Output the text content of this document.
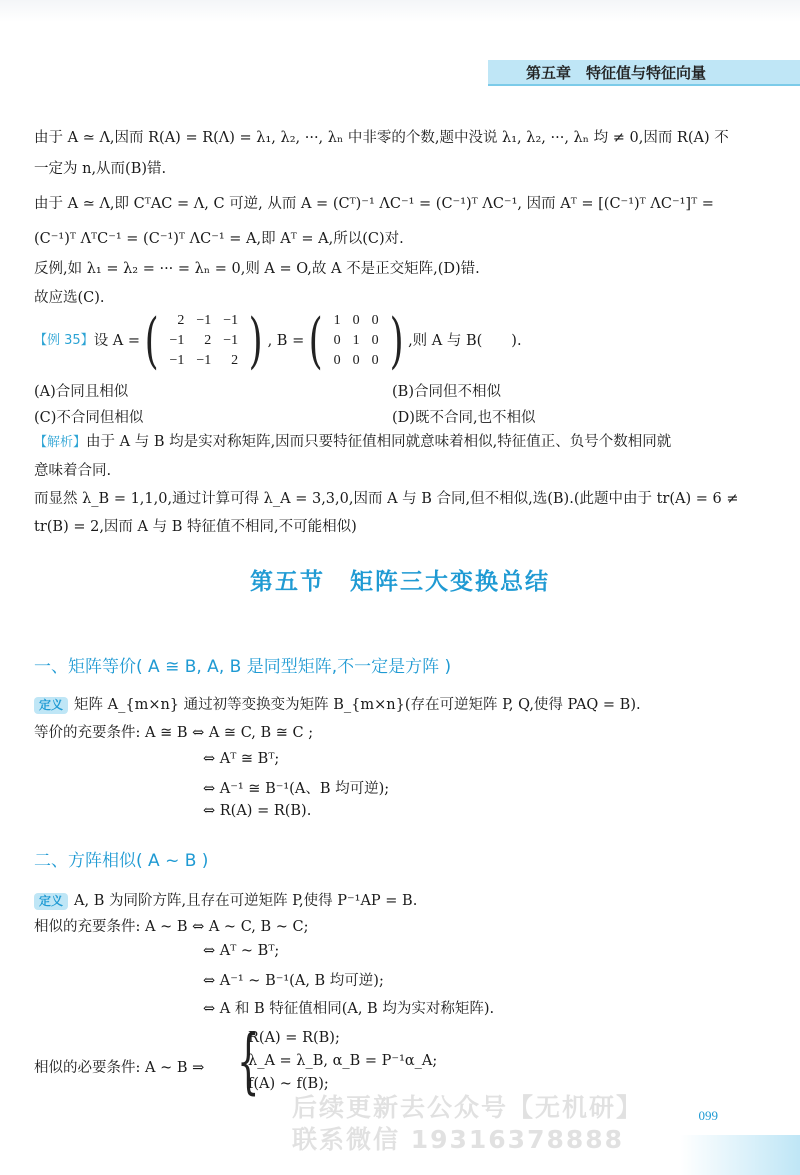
第五章　特征值与特征向量
由于 A ≃ Λ,因而 R(A) = R(Λ) = λ₁, λ₂, ···, λₙ 中非零的个数,题中没说 λ₁, λ₂, ···, λₙ 均 ≠ 0,因而 R(A) 不
一定为 n,从而(B)错.
由于 A ≃ Λ,即 CᵀAC = Λ, C 可逆, 从而 A = (Cᵀ)⁻¹ ΛC⁻¹ = (C⁻¹)ᵀ ΛC⁻¹, 因而 Aᵀ = [(C⁻¹)ᵀ ΛC⁻¹]ᵀ =
(C⁻¹)ᵀ ΛᵀC⁻¹ = (C⁻¹)ᵀ ΛC⁻¹ = A,即 Aᵀ = A,所以(C)对.
反例,如 λ₁ = λ₂ = ··· = λₙ = 0,则 A = O,故 A 不是正交矩阵,(D)错.
故应选(C).
【例 35】 设 A = ( 2	−1	−1
−1	2	−1
−1	−1	2 ) , B = ( 1	0	0
0	1	0
0	0	0 ) ,则 A 与 B(　　).
(A)合同且相似	(B)合同但不相似
(C)不合同但相似	(D)既不合同,也不相似
【解析】由于 A 与 B 均是实对称矩阵,因而只要特征值相同就意味着相似,特征值正、负号个数相同就
意味着合同.
而显然 λ_B = 1,1,0,通过计算可得 λ_A = 3,3,0,因而 A 与 B 合同,但不相似,选(B).(此题中由于 tr(A) = 6 ≠
tr(B) = 2,因而 A 与 B 特征值不相同,不可能相似)
第五节　矩阵三大变换总结
一、矩阵等价( A ≅ B, A, B 是同型矩阵,不一定是方阵 )
定义 矩阵 A_{m×n} 通过初等变换变为矩阵 B_{m×n}(存在可逆矩阵 P, Q,使得 PAQ = B).
等价的充要条件: A ≅ B ⇔ A ≅ C, B ≅ C ;
⇔ Aᵀ ≅ Bᵀ;
⇔ A⁻¹ ≅ B⁻¹(A、B 均可逆);
⇔ R(A) = R(B).
二、方阵相似( A ~ B )
定义 A, B 为同阶方阵,且存在可逆矩阵 P,使得 P⁻¹AP = B.
相似的充要条件: A ~ B ⇔ A ~ C, B ~ C;
⇔ Aᵀ ~ Bᵀ;
⇔ A⁻¹ ~ B⁻¹(A, B 均可逆);
⇔ A 和 B 特征值相同(A, B 均为实对称矩阵).
相似的必要条件: A ~ B ⇒ {
R(A) = R(B);
λ_A = λ_B, α_B = P⁻¹α_A;
f(A) ~ f(B);
后续更新去公众号【无机研】
联系微信 19316378888
099
